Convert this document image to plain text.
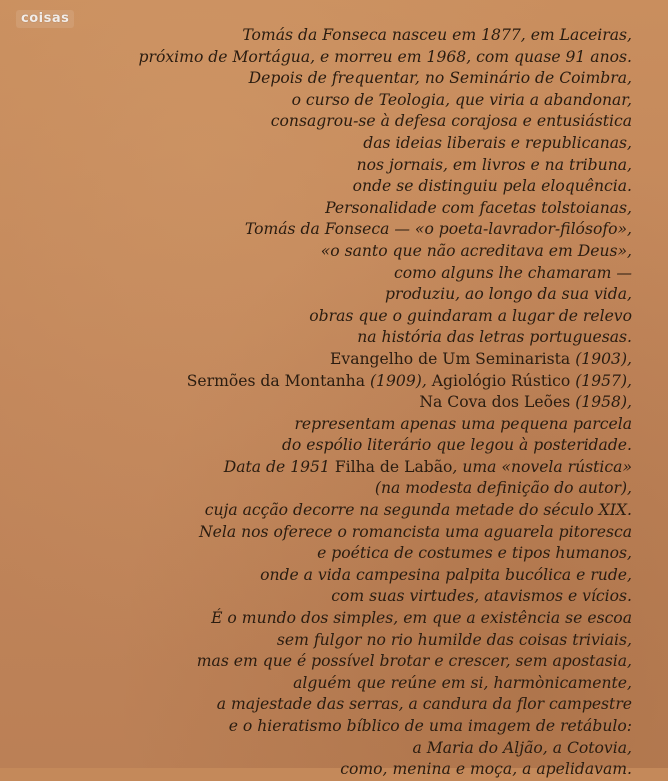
coisas
Tomás da Fonseca nasceu em 1877, em Laceiras,
próximo de Mortágua, e morreu em 1968, com quase 91 anos.
Depois de frequentar, no Seminário de Coimbra,
o curso de Teologia, que viria a abandonar,
consagrou-se à defesa corajosa e entusiástica
das ideias liberais e republicanas,
nos jornais, em livros e na tribuna,
onde se distinguiu pela eloquência.
Personalidade com facetas tolstoianas,
Tomás da Fonseca — «o poeta-lavrador-filósofo»,
«o santo que não acreditava em Deus»,
como alguns lhe chamaram —
produziu, ao longo da sua vida,
obras que o guindaram a lugar de relevo
na história das letras portuguesas.
Evangelho de Um Seminarista (1903),
Sermões da Montanha (1909), Agiológio Rústico (1957),
Na Cova dos Leões (1958),
representam apenas uma pequena parcela
do espólio literário que legou à posteridade.
Data de 1951 Filha de Labão, uma «novela rústica»
(na modesta definição do autor),
cuja acção decorre na segunda metade do século XIX.
Nela nos oferece o romancista uma aguarela pitoresca
e poética de costumes e tipos humanos,
onde a vida campesina palpita bucólica e rude,
com suas virtudes, atavismos e vícios.
É o mundo dos simples, em que a existência se escoa
sem fulgor no rio humilde das coisas triviais,
mas em que é possível brotar e crescer, sem apostasia,
alguém que reúne em si, harmònicamente,
a majestade das serras, a candura da flor campestre
e o hieratismo bíblico de uma imagem de retábulo:
a Maria do Aljão, a Cotovia,
como, menina e moça, a apelidavam.
